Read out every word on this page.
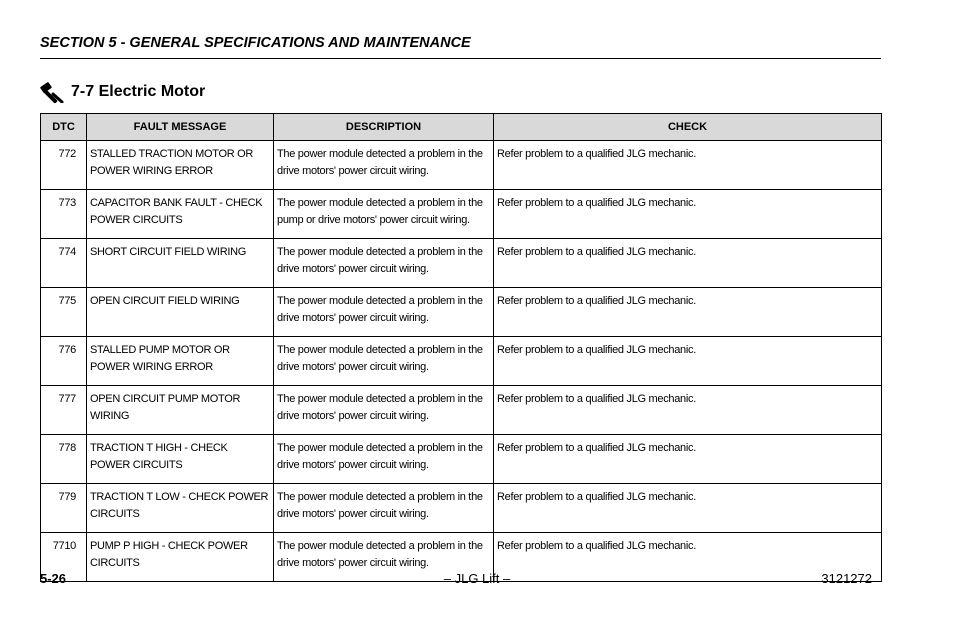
SECTION 5 - GENERAL SPECIFICATIONS AND MAINTENANCE
7-7 Electric Motor
DTC	FAULT MESSAGE	DESCRIPTION	CHECK
772	STALLED TRACTION MOTOR OR POWER WIRING ERROR	The power module detected a problem in the drive motors' power circuit wiring.	Refer problem to a qualified JLG mechanic.
773	CAPACITOR BANK FAULT - CHECK POWER CIRCUITS	The power module detected a problem in the pump or drive motors' power circuit wiring.	Refer problem to a qualified JLG mechanic.
774	SHORT CIRCUIT FIELD WIRING	The power module detected a problem in the drive motors' power circuit wiring.	Refer problem to a qualified JLG mechanic.
775	OPEN CIRCUIT FIELD WIRING	The power module detected a problem in the drive motors' power circuit wiring.	Refer problem to a qualified JLG mechanic.
776	STALLED PUMP MOTOR OR POWER WIRING ERROR	The power module detected a problem in the drive motors' power circuit wiring.	Refer problem to a qualified JLG mechanic.
777	OPEN CIRCUIT PUMP MOTOR WIRING	The power module detected a problem in the drive motors' power circuit wiring.	Refer problem to a qualified JLG mechanic.
778	TRACTION T HIGH - CHECK POWER CIRCUITS	The power module detected a problem in the drive motors' power circuit wiring.	Refer problem to a qualified JLG mechanic.
779	TRACTION T LOW - CHECK POWER CIRCUITS	The power module detected a problem in the drive motors' power circuit wiring.	Refer problem to a qualified JLG mechanic.
7710	PUMP P HIGH - CHECK POWER CIRCUITS	The power module detected a problem in the drive motors' power circuit wiring.	Refer problem to a qualified JLG mechanic.
5-26	– JLG Lift –	3121272
